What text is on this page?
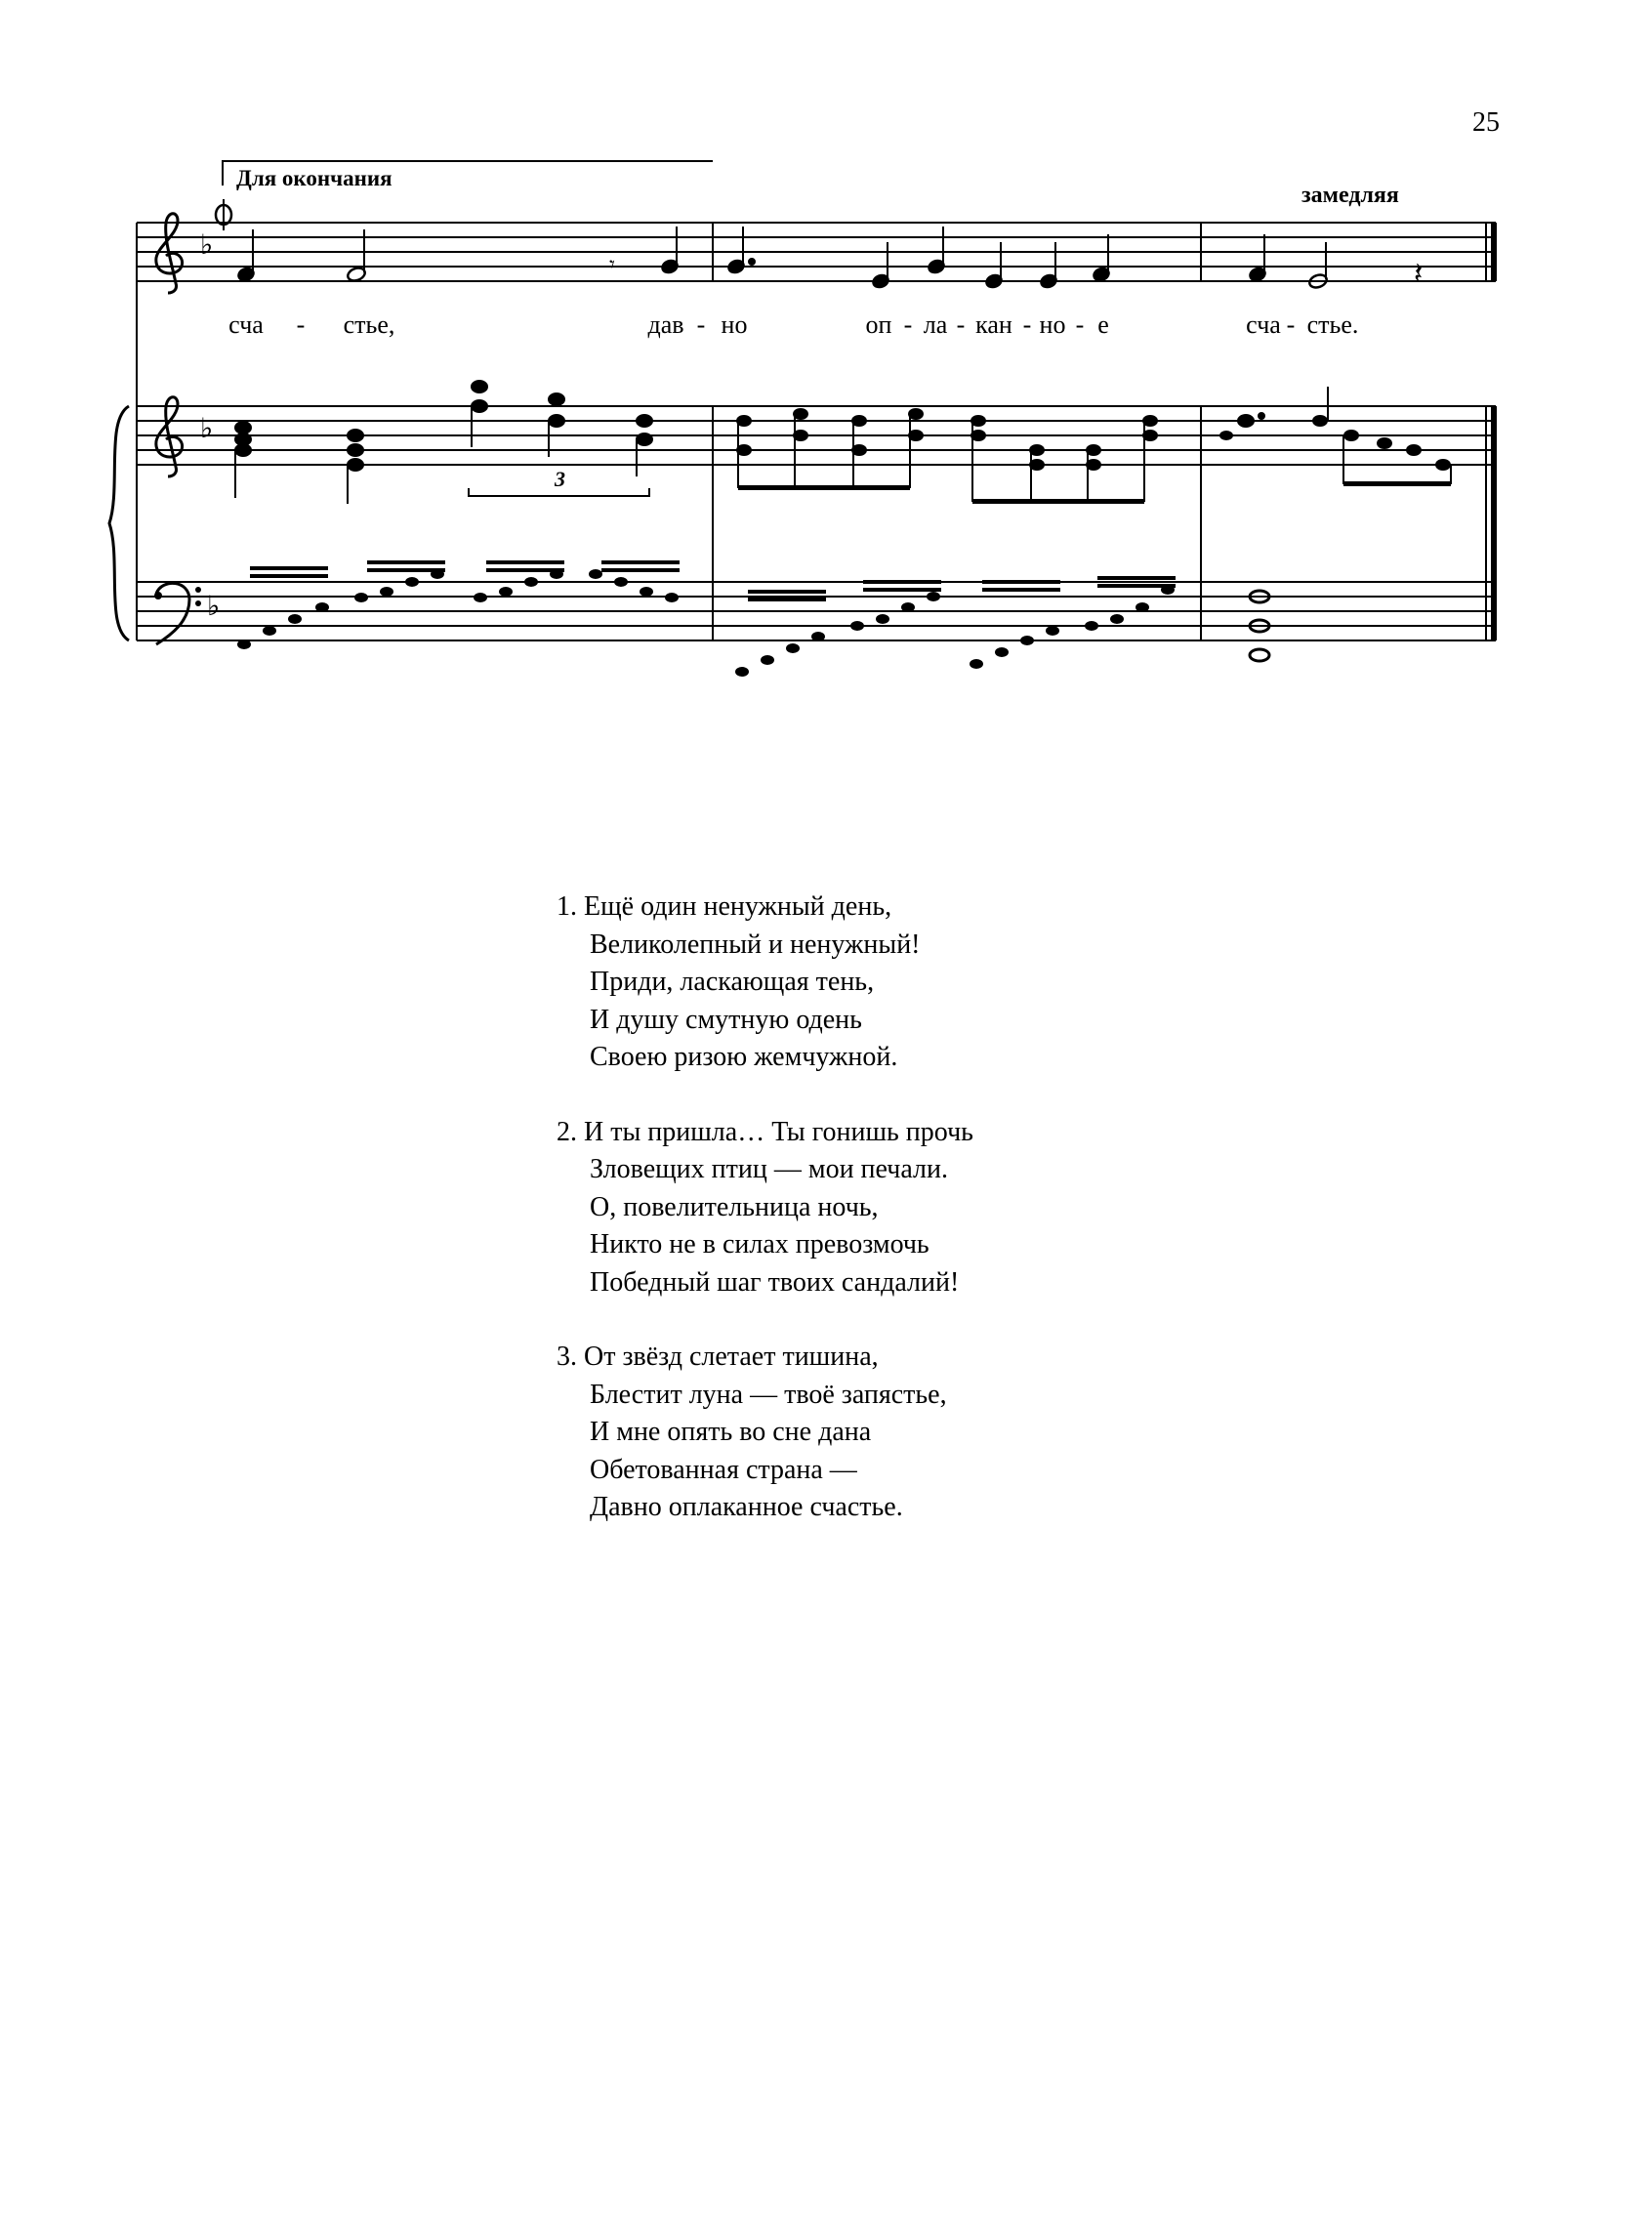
25
Для окончания
замедляя
3
сча - стье,	дав - но	оп - ла - кан - но - е	сча - стье.
♭
♭
♭
𝄽
𝄾
1. Ещё один ненужный день,
Великолепный и ненужный!
Приди, ласкающая тень,
И душу смутную одень
Своею ризою жемчужной.
2. И ты пришла… Ты гонишь прочь
Зловещих птиц — мои печали.
О, повелительница ночь,
Никто не в силах превозмочь
Победный шаг твоих сандалий!
3. От звёзд слетает тишина,
Блестит луна — твоё запястье,
И мне опять во сне дана
Обетованная страна —
Давно оплаканное счастье.
